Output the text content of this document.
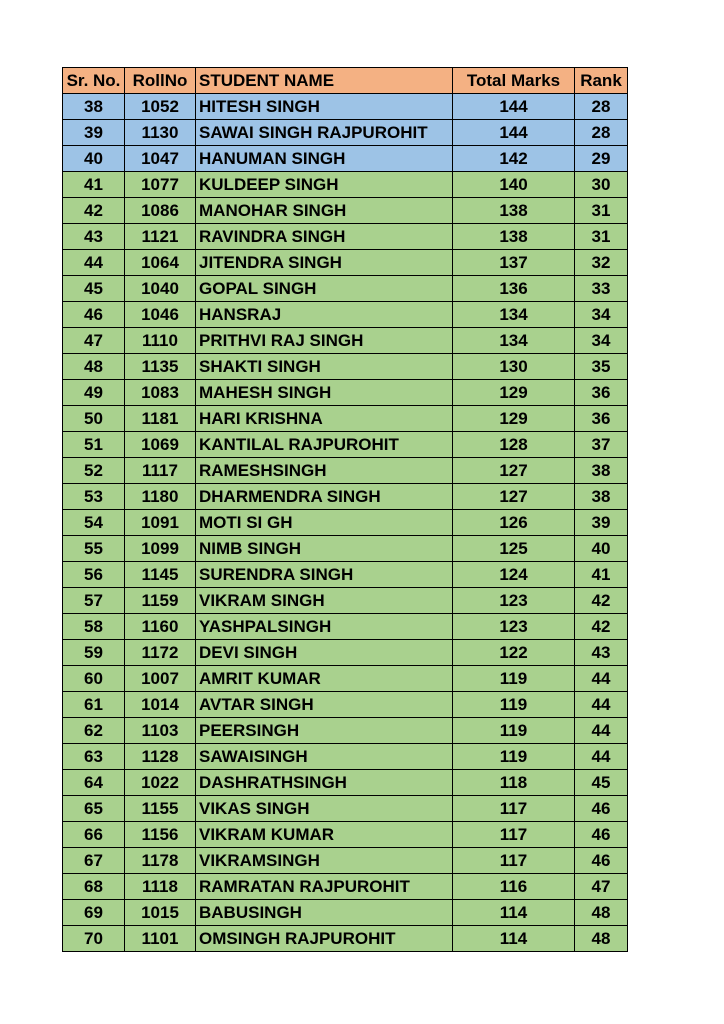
Sr. No.	RollNo	STUDENT NAME	Total Marks	Rank
38	1052	HITESH SINGH	144	28
39	1130	SAWAI SINGH RAJPUROHIT	144	28
40	1047	HANUMAN SINGH	142	29
41	1077	KULDEEP SINGH	140	30
42	1086	MANOHAR SINGH	138	31
43	1121	RAVINDRA SINGH	138	31
44	1064	JITENDRA SINGH	137	32
45	1040	GOPAL SINGH	136	33
46	1046	HANSRAJ	134	34
47	1110	PRITHVI RAJ SINGH	134	34
48	1135	SHAKTI SINGH	130	35
49	1083	MAHESH SINGH	129	36
50	1181	HARI KRISHNA	129	36
51	1069	KANTILAL RAJPUROHIT	128	37
52	1117	RAMESHSINGH	127	38
53	1180	DHARMENDRA SINGH	127	38
54	1091	MOTI SI GH	126	39
55	1099	NIMB SINGH	125	40
56	1145	SURENDRA SINGH	124	41
57	1159	VIKRAM SINGH	123	42
58	1160	YASHPALSINGH	123	42
59	1172	DEVI SINGH	122	43
60	1007	AMRIT KUMAR	119	44
61	1014	AVTAR SINGH	119	44
62	1103	PEERSINGH	119	44
63	1128	SAWAISINGH	119	44
64	1022	DASHRATHSINGH	118	45
65	1155	VIKAS SINGH	117	46
66	1156	VIKRAM KUMAR	117	46
67	1178	VIKRAMSINGH	117	46
68	1118	RAMRATAN RAJPUROHIT	116	47
69	1015	BABUSINGH	114	48
70	1101	OMSINGH RAJPUROHIT	114	48
